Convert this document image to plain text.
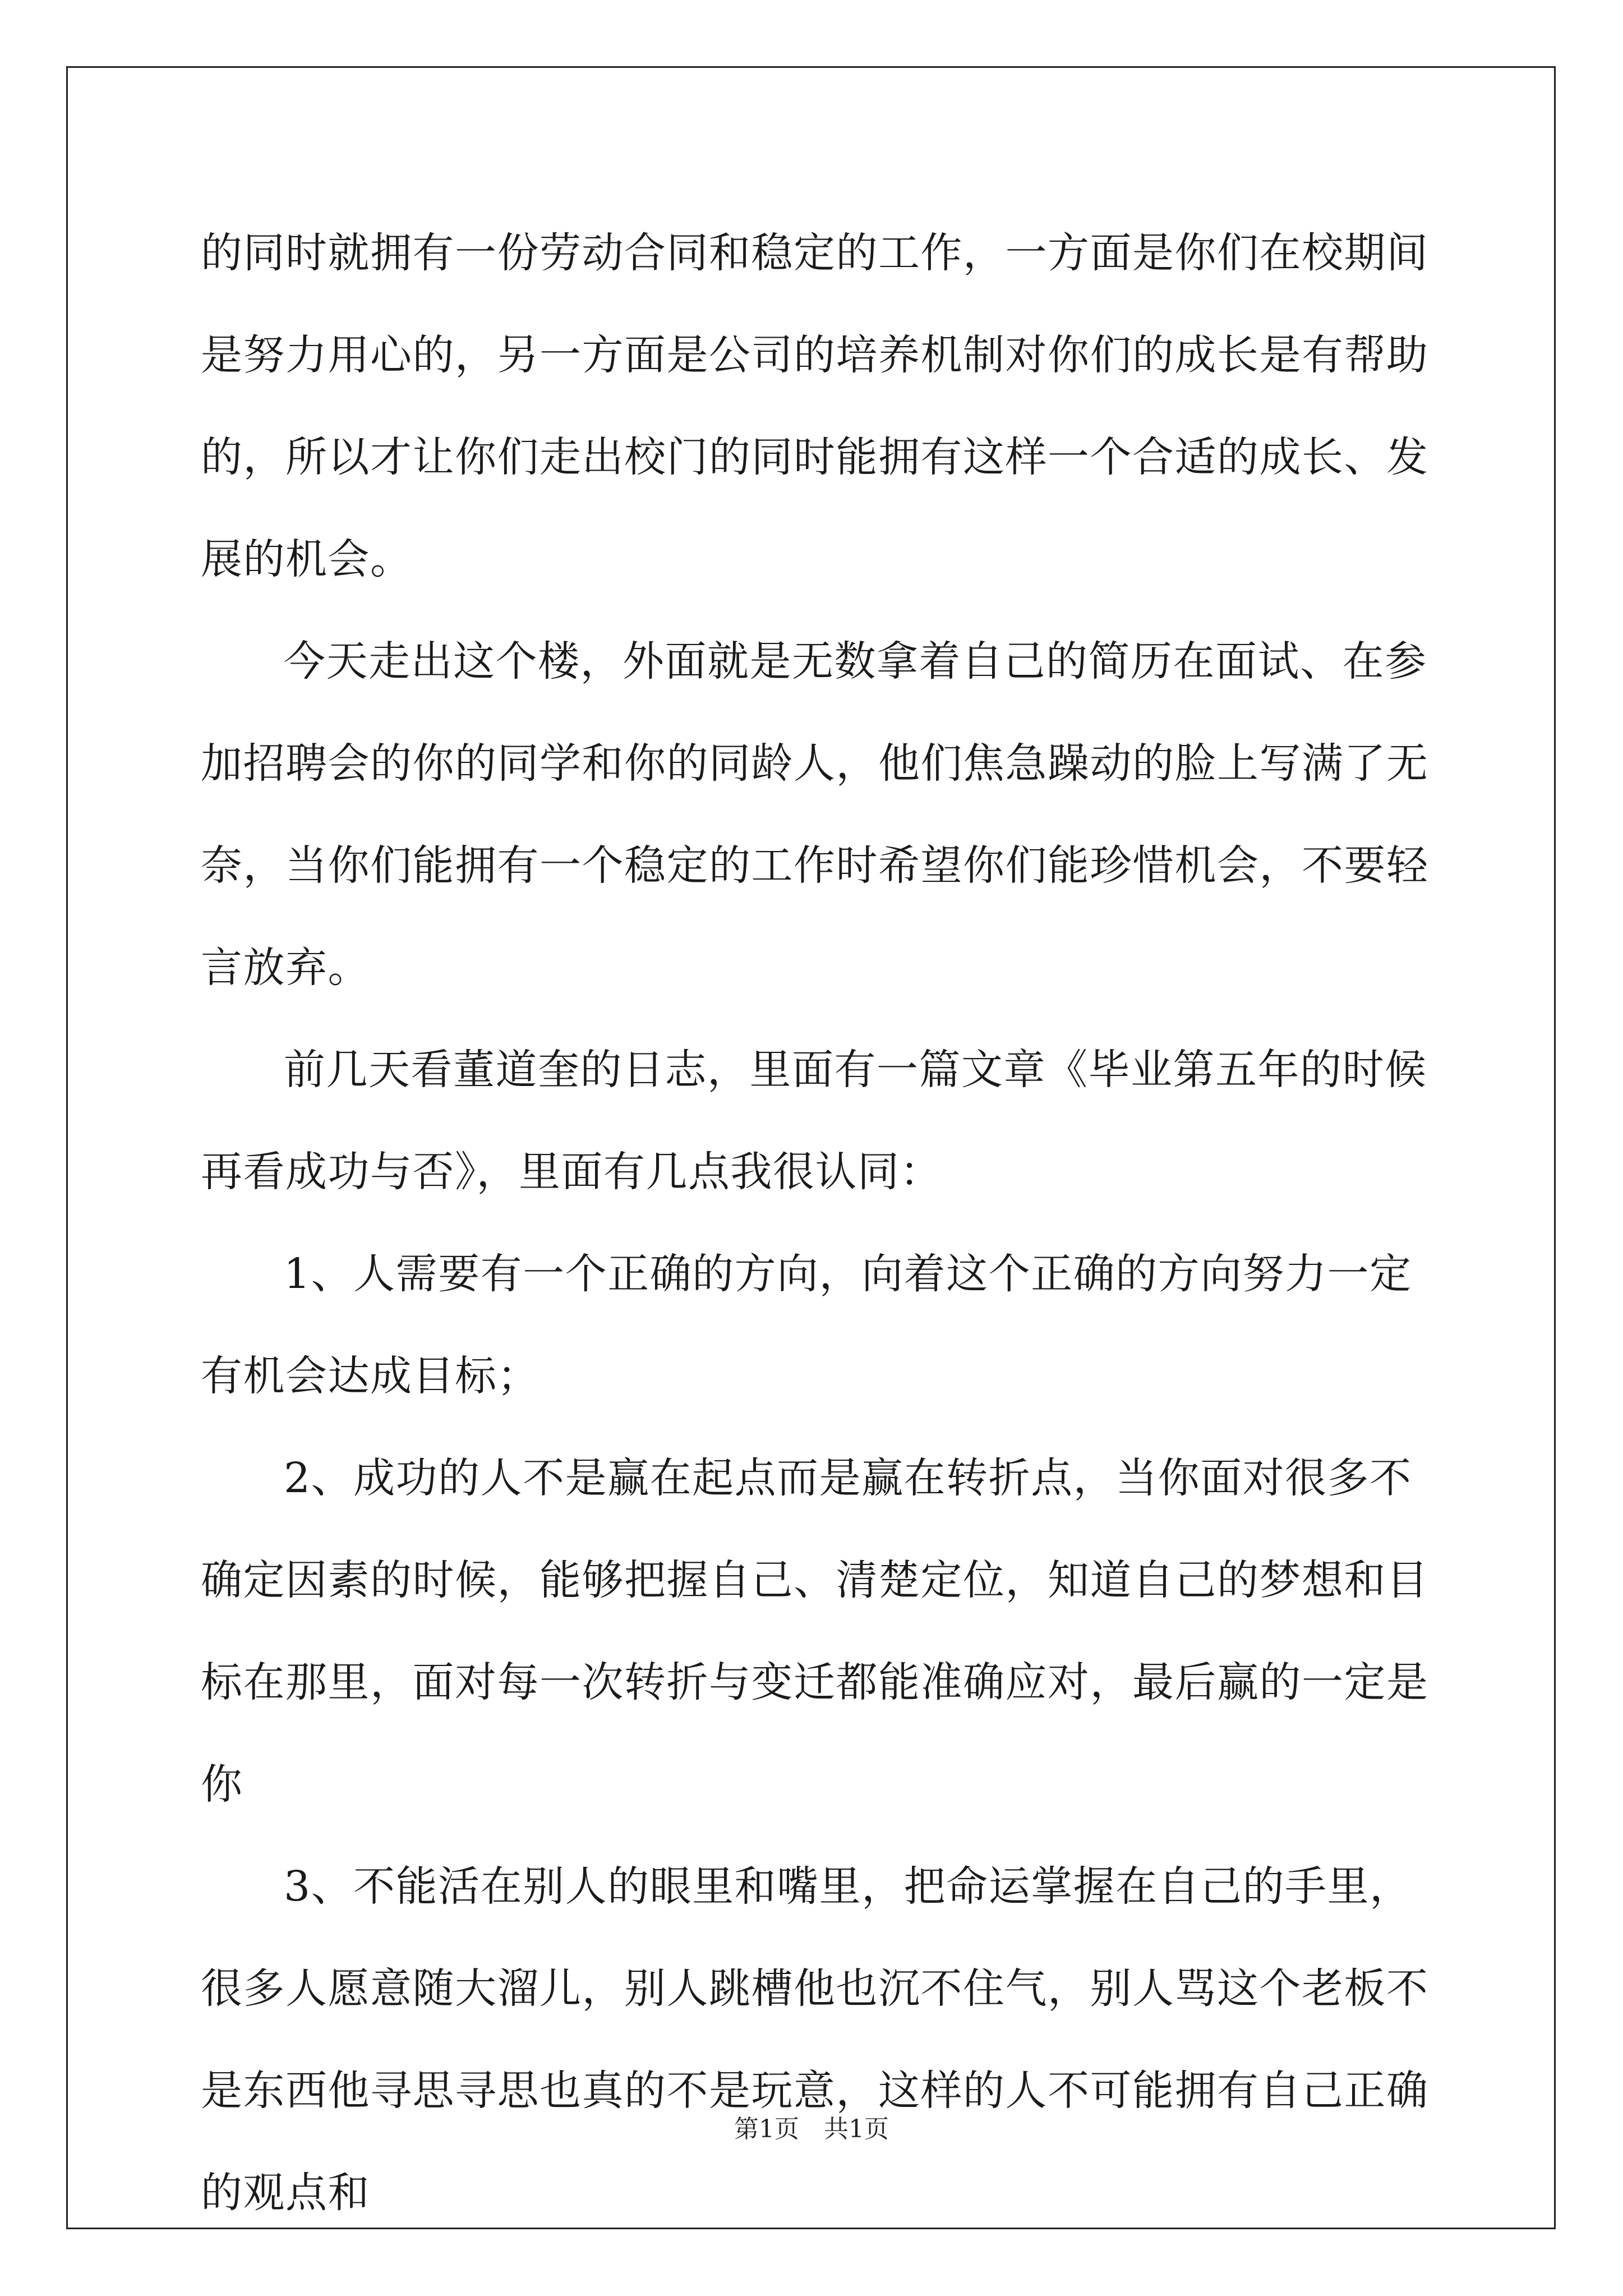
的同时就拥有一份劳动合同和稳定的工作，一方面是你们在校期间是努力用心的，另一方面是公司的培养机制对你们的成长是有帮助的，所以才让你们走出校门的同时能拥有这样一个合适的成长、发展的机会。

今天走出这个楼，外面就是无数拿着自己的简历在面试、在参加招聘会的你的同学和你的同龄人，他们焦急躁动的脸上写满了无奈，当你们能拥有一个稳定的工作时希望你们能珍惜机会，不要轻言放弃。

前几天看董道奎的日志，里面有一篇文章《毕业第五年的时候再看成功与否》，里面有几点我很认同：

1、人需要有一个正确的方向，向着这个正确的方向努力一定有机会达成目标；

2、成功的人不是赢在起点而是赢在转折点，当你面对很多不确定因素的时候，能够把握自己、清楚定位，知道自己的梦想和目标在那里，面对每一次转折与变迁都能准确应对，最后赢的一定是你

3、不能活在别人的眼里和嘴里，把命运掌握在自己的手里，很多人愿意随大溜儿，别人跳槽他也沉不住气，别人骂这个老板不是东西他寻思寻思也真的不是玩意，这样的人不可能拥有自己正确的观点和

第1页　共1页
